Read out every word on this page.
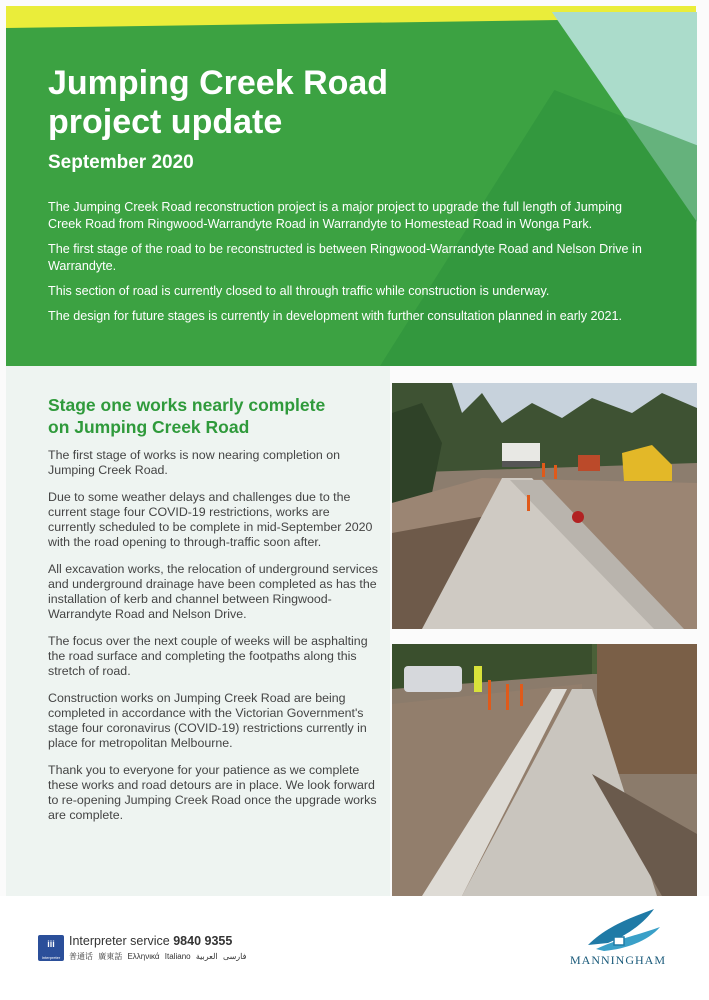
Jumping Creek Road
project update
September 2020

The Jumping Creek Road reconstruction project is a major project to upgrade the full length of Jumping Creek Road from Ringwood-Warrandyte Road in Warrandyte to Homestead Road in Wonga Park.

The first stage of the road to be reconstructed is between Ringwood-Warrandyte Road and Nelson Drive in Warrandyte.

This section of road is currently closed to all through traffic while construction is underway.

The design for future stages is currently in development with further consultation planned in early 2021.

Stage one works nearly complete
on Jumping Creek Road

The first stage of works is now nearing completion on Jumping Creek Road.

Due to some weather delays and challenges due to the current stage four COVID-19 restrictions, works are currently scheduled to be complete in mid-September 2020 with the road opening to through-traffic soon after.

All excavation works, the relocation of underground services and underground drainage have been completed as has the installation of kerb and channel between Ringwood-Warrandyte Road and Nelson Drive.

The focus over the next couple of weeks will be asphalting the road surface and completing the footpaths along this stretch of road.

Construction works on Jumping Creek Road are being completed in accordance with the Victorian Government's stage four coronavirus (COVID-19) restrictions currently in place for metropolitan Melbourne.

Thank you to everyone for your patience as we complete these works and road detours are in place. We look forward to re-opening Jumping Creek Road once the upgrade works are complete.

iii
Interpreter
Interpreter service 9840 9355
普通话 廣東話 Ελληνικά Italiano	فارسی العربية	MANNINGHAM
